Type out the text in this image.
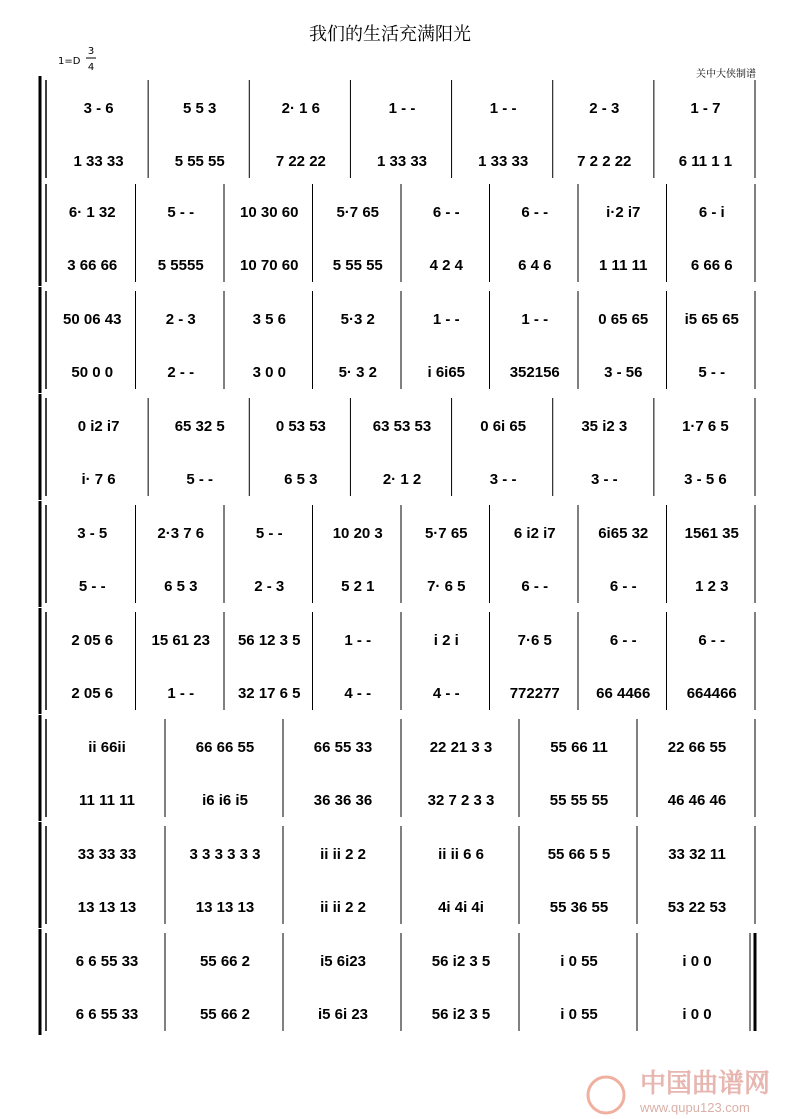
我们的生活充满阳光
1=D
3
4
关中大侠制谱
3 - 6
1 33 33
5 5 3
5 55 55
2· 1 6
7 22 22
1 - -
1 33 33
1 - -
1 33 33
2 - 3
7 2 2 22
1 - 7
6 11 1 1
6· 1 32
3 66 66
5 - -
5 5555
10 30 60
10 70 60
5·7 65
5 55 55
6 - -
4 2 4
6 - -
6 4 6
i·2 i7
1 11 11
6 - i
6 66 6
50 06 43
50 0 0
2 - 3
2 - -
3 5 6
3 0 0
5·3 2
5· 3 2
1 - -
i 6i65
1 - -
352156
0 65 65
3 - 56
i5 65 65
5 - -
0 i2 i7
i· 7 6
65 32 5
5 - -
0 53 53
6 5 3
63 53 53
2· 1 2
0 6i 65
3 - -
35 i2 3
3 - -
1·7 6 5
3 - 5 6
3 - 5
5 - -
2·3 7 6
6 5 3
5 - -
2 - 3
10 20 3
5 2 1
5·7 65
7· 6 5
6 i2 i7
6 - -
6i65 32
6 - -
1561 35
1 2 3
2 05 6
2 05 6
15 61 23
1 - -
56 12 3 5
32 17 6 5
1 - -
4 - -
i 2 i
4 - -
7·6 5
772277
6 - -
66 4466
6 - -
664466
ii 66ii
11 11 11
66 66 55
i6 i6 i5
66 55 33
36 36 36
22 21 3 3
32 7 2 3 3
55 66 11
55 55 55
22 66 55
46 46 46
33 33 33
13 13 13
3 3 3 3 3 3
13 13 13
ii ii 2 2
ii ii 2 2
ii ii 6 6
4i 4i 4i
55 66 5 5
55 36 55
33 32 11
53 22 53
6 6 55 33
6 6 55 33
55 66 2
55 66 2
i5 6i23
i5 6i 23
56 i2 3 5
56 i2 3 5
i 0 55
i 0 55
i 0 0
i 0 0
中国曲谱网
www.qupu123.com
